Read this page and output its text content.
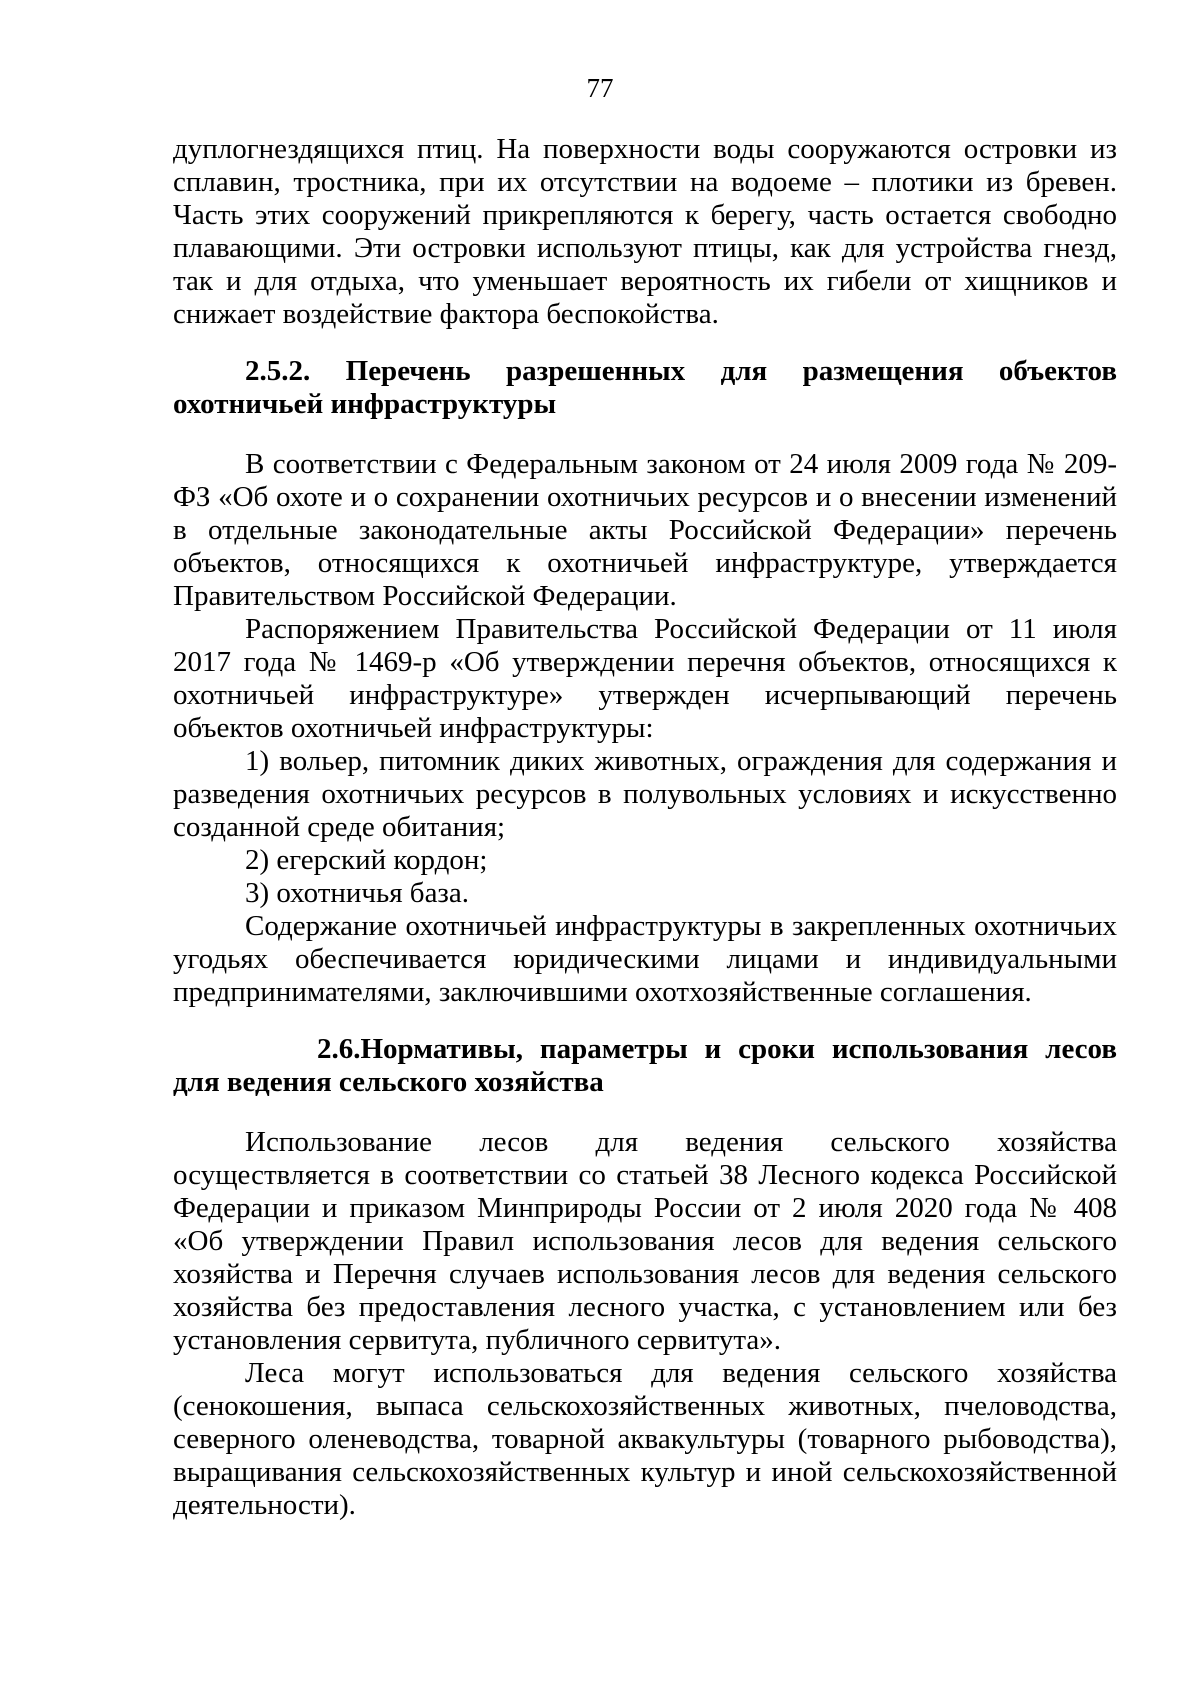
77

дуплогнездящихся птиц. На поверхности воды сооружаются островки из сплавин, тростника, при их отсутствии на водоеме – плотики из бревен. Часть этих сооружений прикрепляются к берегу, часть остается свободно плавающими. Эти островки используют птицы, как для устройства гнезд, так и для отдыха, что уменьшает вероятность их гибели от хищников и снижает воздействие фактора беспокойства.

2.5.2. Перечень разрешенных для размещения объектов охотничьей инфраструктуры

В соответствии с Федеральным законом от 24 июля 2009 года № 209-ФЗ «Об охоте и о сохранении охотничьих ресурсов и о внесении изменений в отдельные законодательные акты Российской Федерации» перечень объектов, относящихся к охотничьей инфраструктуре, утверждается Правительством Российской Федерации.

Распоряжением Правительства Российской Федерации от 11 июля 2017 года № 1469-р «Об утверждении перечня объектов, относящихся к охотничьей инфраструктуре» утвержден исчерпывающий перечень объектов охотничьей инфраструктуры:

1) вольер, питомник диких животных, ограждения для содержания и разведения охотничьих ресурсов в полувольных условиях и искусственно созданной среде обитания;

2) егерский кордон;

3) охотничья база.

Содержание охотничьей инфраструктуры в закрепленных охотничьих угодьях обеспечивается юридическими лицами и индивидуальными предпринимателями, заключившими охотхозяйственные соглашения.

2.6.Нормативы, параметры и сроки использования лесов для ведения сельского хозяйства

Использование лесов для ведения сельского хозяйства осуществляется в соответствии со статьей 38 Лесного кодекса Российской Федерации и приказом Минприроды России от 2 июля 2020 года № 408 «Об утверждении Правил использования лесов для ведения сельского хозяйства и Перечня случаев использования лесов для ведения сельского хозяйства без предоставления лесного участка, с установлением или без установления сервитута, публичного сервитута».

Леса могут использоваться для ведения сельского хозяйства (сенокошения, выпаса сельскохозяйственных животных, пчеловодства, северного оленеводства, товарной аквакультуры (товарного рыбоводства), выращивания сельскохозяйственных культур и иной сельскохозяйственной деятельности).
